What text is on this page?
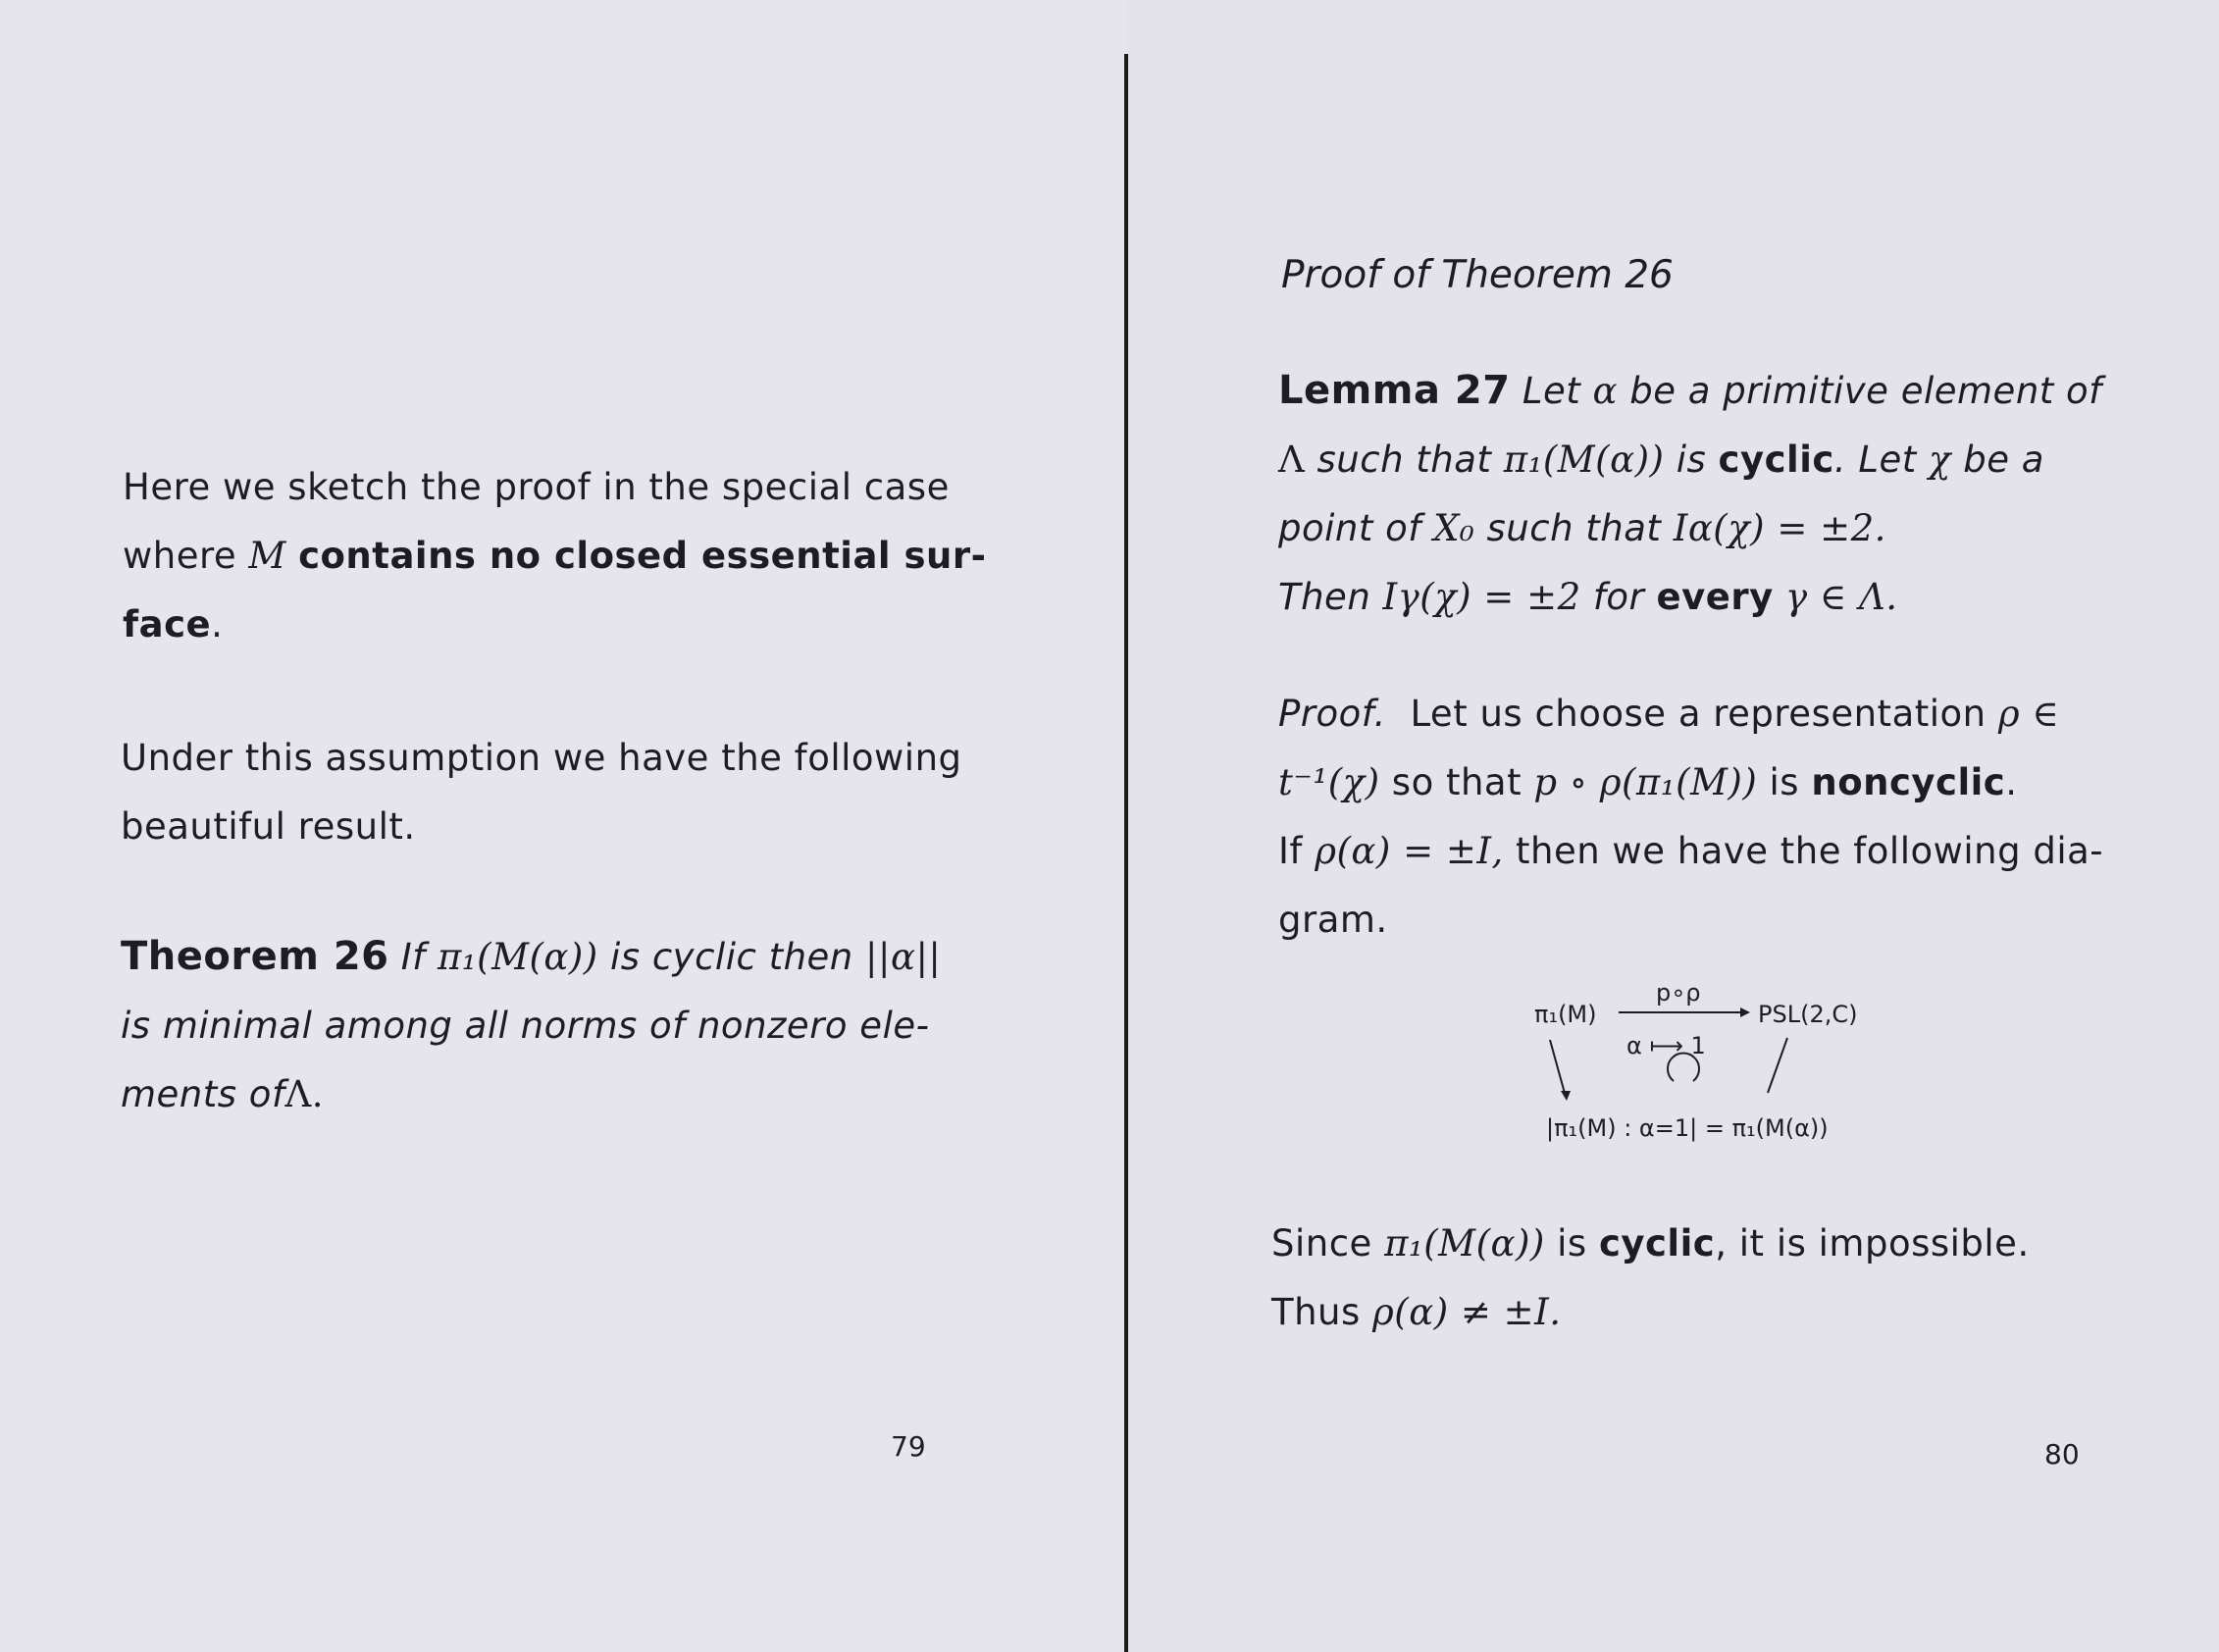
Here we sketch the proof in the special case
where M contains no closed essential sur-
face.

Under this assumption we have the following
beautiful result.

Theorem 26 If π₁(M(α)) is cyclic then ||α||
is minimal among all norms of nonzero ele-
ments ofΛ.

79
Proof of Theorem 26

Lemma 27 Let α be a primitive element of
Λ such that π₁(M(α)) is cyclic. Let χ be a
point of X₀ such that Iα(χ) = ±2.
Then Iγ(χ) = ±2 for every γ ∈ Λ.

Proof. Let us choose a representation ρ ∈
t⁻¹(χ) so that p ∘ ρ(π₁(M)) is noncyclic.
If ρ(α) = ±I, then we have the following dia-
gram.

π₁(M)
p∘ρ
PSL(2,C)
α ⟼ 1
|π₁(M) : α=1| = π₁(M(α))

Since π₁(M(α)) is cyclic, it is impossible.
Thus ρ(α) ≠ ±I.

80
